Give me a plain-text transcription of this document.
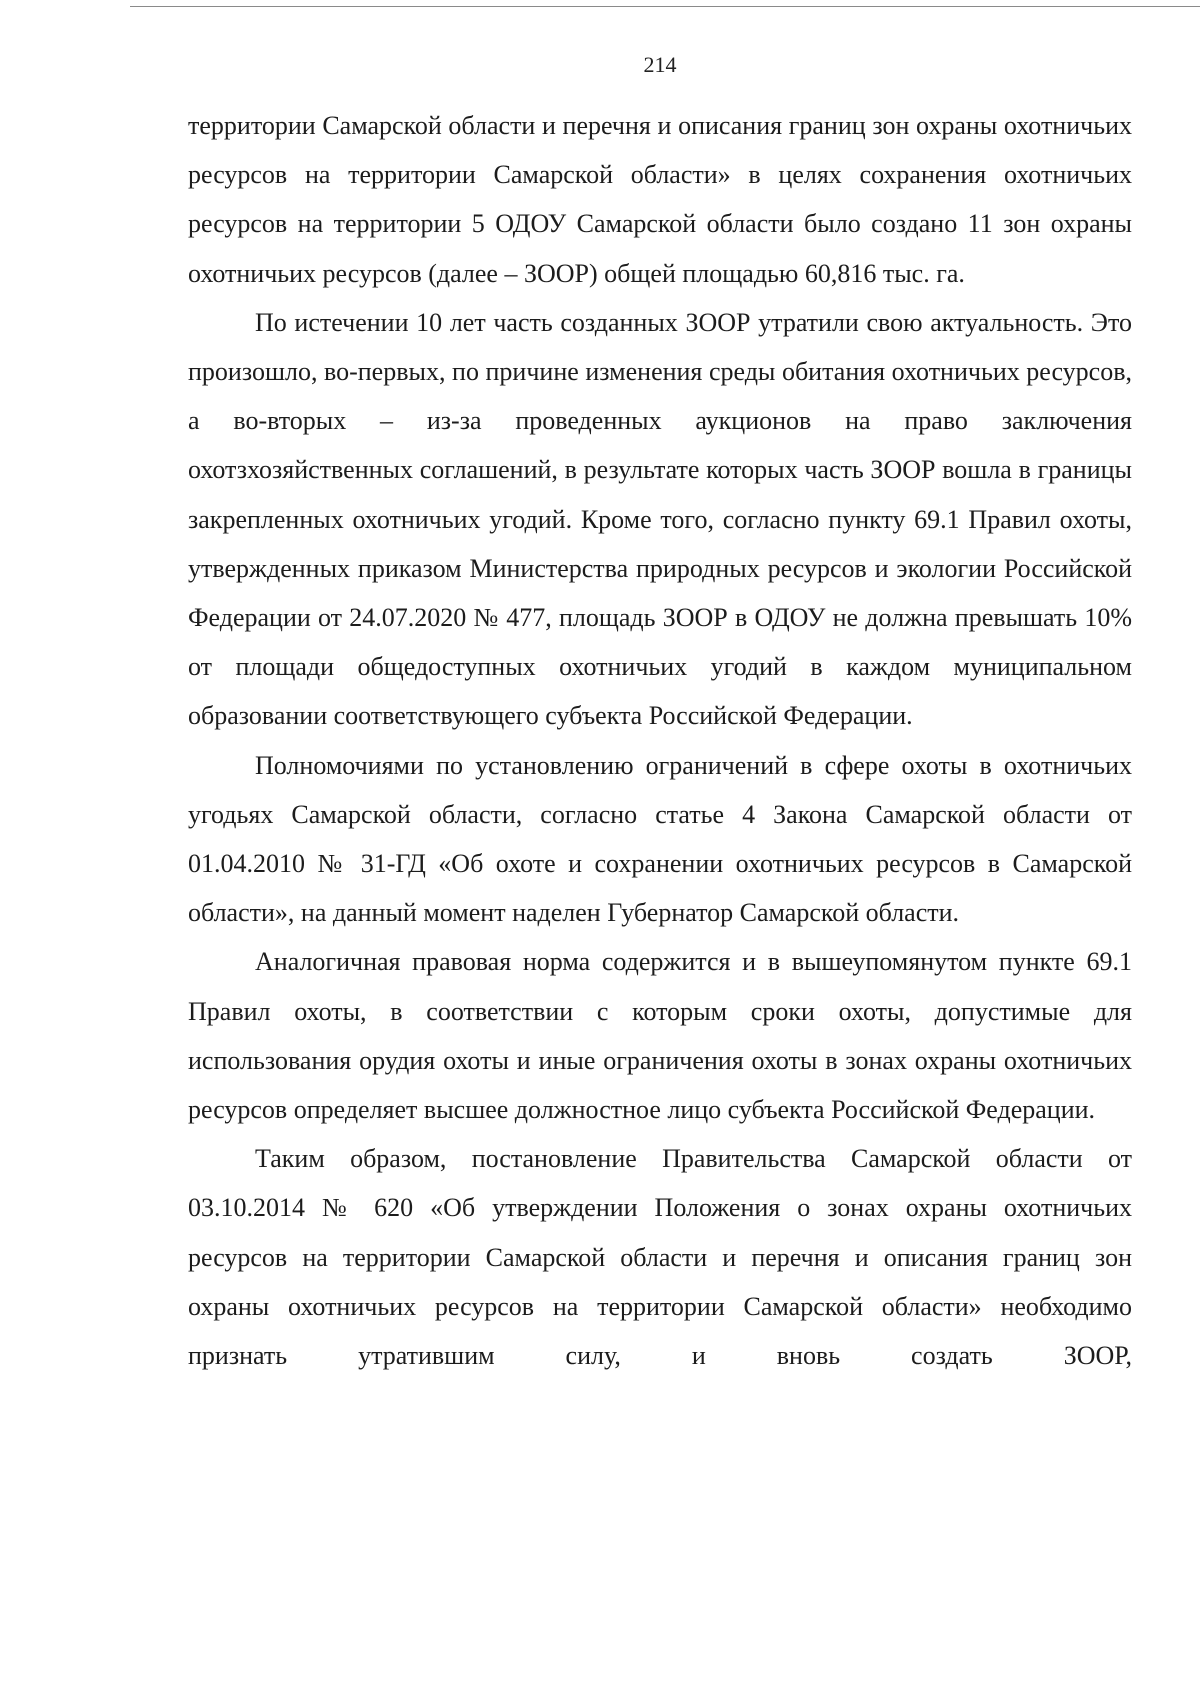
214

территории Самарской области и перечня и описания границ зон охраны охотничьих ресурсов на территории Самарской области» в целях сохранения охотничьих ресурсов на территории 5 ОДОУ Самарской области было создано 11 зон охраны охотничьих ресурсов (далее – ЗООР) общей площадью 60,816 тыс. га.

По истечении 10 лет часть созданных ЗООР утратили свою актуальность. Это произошло, во-первых, по причине изменения среды обитания охотничьих ресурсов, а во-вторых – из-за проведенных аукционов на право заключения охотзхозяйственных соглашений, в результате которых часть ЗООР вошла в границы закрепленных охотничьих угодий. Кроме того, согласно пункту 69.1 Правил охоты, утвержденных приказом Министерства природных ресурсов и экологии Российской Федерации от 24.07.2020 № 477, площадь ЗООР в ОДОУ не должна превышать 10% от площади общедоступных охотничьих угодий в каждом муниципальном образовании соответствующего субъекта Российской Федерации.

Полномочиями по установлению ограничений в сфере охоты в охотничьих угодьях Самарской области, согласно статье 4 Закона Самарской области от 01.04.2010 № 31-ГД «Об охоте и сохранении охотничьих ресурсов в Самарской области», на данный момент наделен Губернатор Самарской области.

Аналогичная правовая норма содержится и в вышеупомянутом пункте 69.1 Правил охоты, в соответствии с которым сроки охоты, допустимые для использования орудия охоты и иные ограничения охоты в зонах охраны охотничьих ресурсов определяет высшее должностное лицо субъекта Российской Федерации.

Таким образом, постановление Правительства Самарской области от 03.10.2014 № 620 «Об утверждении Положения о зонах охраны охотничьих ресурсов на территории Самарской области и перечня и описания границ зон охраны охотничьих ресурсов на территории Самарской области» необходимо признать утратившим силу, и вновь создать ЗООР,
